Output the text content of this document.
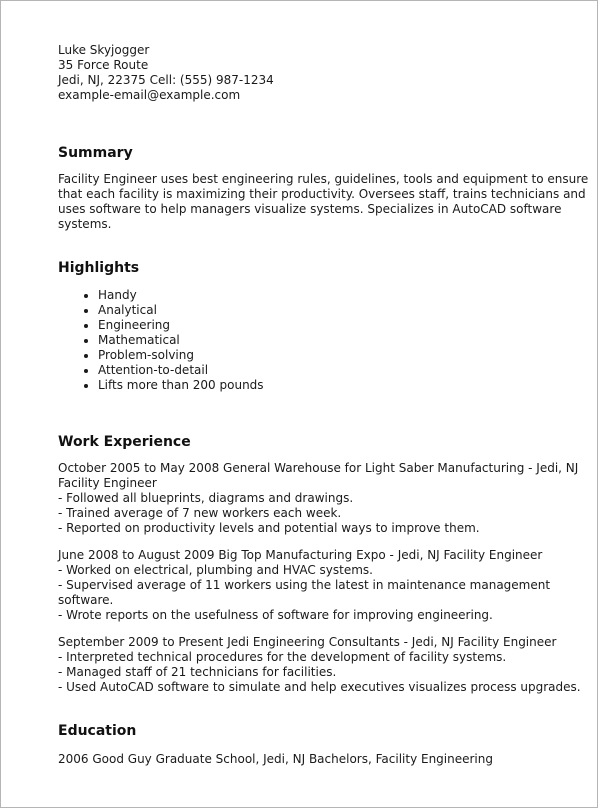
Luke Skyjogger
35 Force Route
Jedi, NJ, 22375 Cell: (555) 987-1234
example-email@example.com
Summary

Facility Engineer uses best engineering rules, guidelines, tools and equipment to ensure that each facility is maximizing their productivity. Oversees staff, trains technicians and uses software to help managers visualize systems. Specializes in AutoCAD software systems.

Highlights
• Handy
• Analytical
• Engineering
• Mathematical
• Problem-solving
• Attention-to-detail
• Lifts more than 200 pounds
Work Experience

October 2005 to May 2008 General Warehouse for Light Saber Manufacturing - Jedi, NJ Facility Engineer

- Followed all blueprints, diagrams and drawings.
- Trained average of 7 new workers each week.
- Reported on productivity levels and potential ways to improve them.

June 2008 to August 2009 Big Top Manufacturing Expo - Jedi, NJ Facility Engineer

- Worked on electrical, plumbing and HVAC systems.
- Supervised average of 11 workers using the latest in maintenance management software.
- Wrote reports on the usefulness of software for improving engineering.

September 2009 to Present Jedi Engineering Consultants - Jedi, NJ Facility Engineer

- Interpreted technical procedures for the development of facility systems.
- Managed staff of 21 technicians for facilities.
- Used AutoCAD software to simulate and help executives visualizes process upgrades.
Education

2006 Good Guy Graduate School, Jedi, NJ Bachelors, Facility Engineering
